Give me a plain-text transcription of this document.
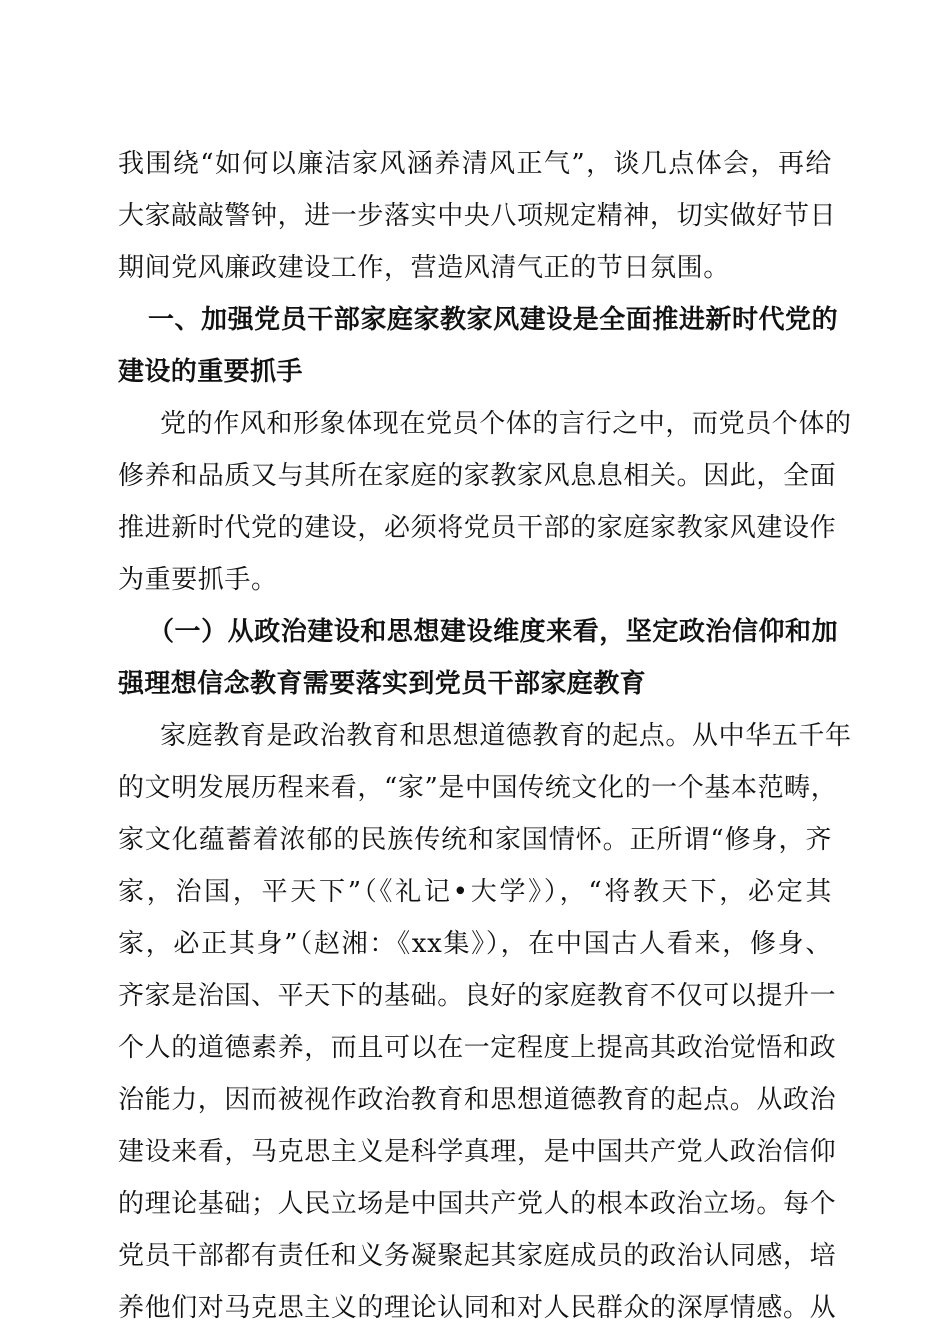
我围绕“如何以廉洁家风涵养清风正气”，谈几点体会，再给
大家敲敲警钟，进一步落实中央八项规定精神，切实做好节日
期间党风廉政建设工作，营造风清气正的节日氛围。
一、加强党员干部家庭家教家风建设是全面推进新时代党的
建设的重要抓手
党的作风和形象体现在党员个体的言行之中，而党员个体的
修养和品质又与其所在家庭的家教家风息息相关。因此，全面
推进新时代党的建设，必须将党员干部的家庭家教家风建设作
为重要抓手。
（一）从政治建设和思想建设维度来看，坚定政治信仰和加
强理想信念教育需要落实到党员干部家庭教育
家庭教育是政治教育和思想道德教育的起点。从中华五千年
的文明发展历程来看，“家”是中国传统文化的一个基本范畴，
家文化蕴蓄着浓郁的民族传统和家国情怀。正所谓“修身，齐
家，治国，平天下”（《礼记•大学》），“将教天下，必定其
家，必正其身”（赵湘：《xx集》），在中国古人看来，修身、
齐家是治国、平天下的基础。良好的家庭教育不仅可以提升一
个人的道德素养，而且可以在一定程度上提高其政治觉悟和政
治能力，因而被视作政治教育和思想道德教育的起点。从政治
建设来看，马克思主义是科学真理，是中国共产党人政治信仰
的理论基础；人民立场是中国共产党人的根本政治立场。每个
党员干部都有责任和义务凝聚起其家庭成员的政治认同感，培
养他们对马克思主义的理论认同和对人民群众的深厚情感。从
